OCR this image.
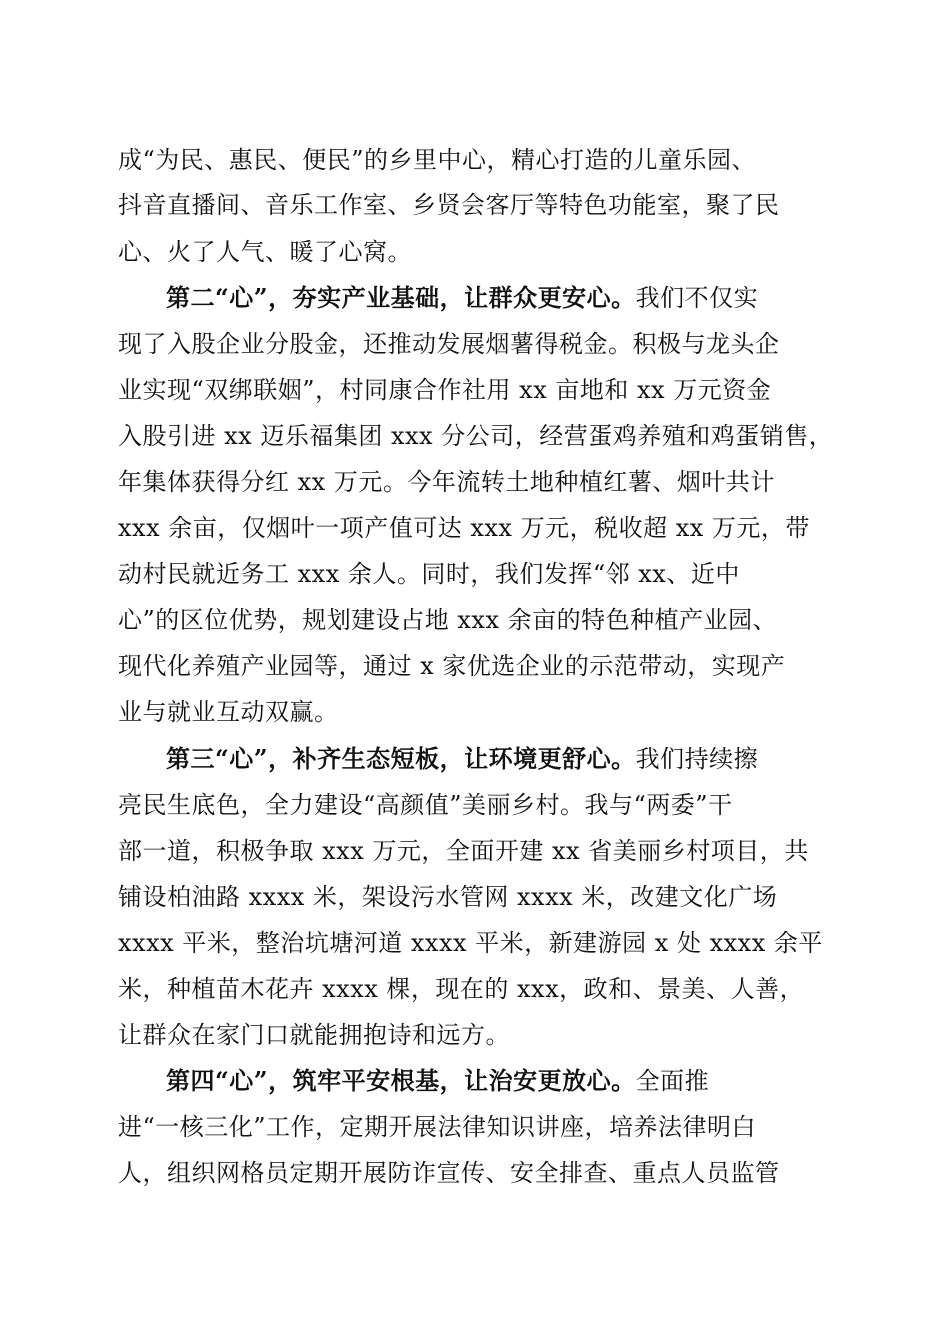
成“为民、惠民、便民”的乡里中心，精心打造的儿童乐园、
抖音直播间、音乐工作室、乡贤会客厅等特色功能室，聚了民
心、火了人气、暖了心窝。
第二“心”，夯实产业基础，让群众更安心。我们不仅实
现了入股企业分股金，还推动发展烟薯得税金。积极与龙头企
业实现“双绑联姻”，村同康合作社用 xx 亩地和 xx 万元资金
入股引进 xx 迈乐福集团 xxx 分公司，经营蛋鸡养殖和鸡蛋销售，
年集体获得分红 xx 万元。今年流转土地种植红薯、烟叶共计
xxx 余亩，仅烟叶一项产值可达 xxx 万元，税收超 xx 万元，带
动村民就近务工 xxx 余人。同时，我们发挥“邻 xx、近中
心”的区位优势，规划建设占地 xxx 余亩的特色种植产业园、
现代化养殖产业园等，通过 x 家优选企业的示范带动，实现产
业与就业互动双赢。
第三“心”，补齐生态短板，让环境更舒心。我们持续擦
亮民生底色，全力建设“高颜值”美丽乡村。我与“两委”干
部一道，积极争取 xxx 万元，全面开建 xx 省美丽乡村项目，共
铺设柏油路 xxxx 米，架设污水管网 xxxx 米，改建文化广场
xxxx 平米，整治坑塘河道 xxxx 平米，新建游园 x 处 xxxx 余平
米，种植苗木花卉 xxxx 棵，现在的 xxx，政和、景美、人善，
让群众在家门口就能拥抱诗和远方。
第四“心”，筑牢平安根基，让治安更放心。全面推
进“一核三化”工作，定期开展法律知识讲座，培养法律明白
人，组织网格员定期开展防诈宣传、安全排查、重点人员监管
